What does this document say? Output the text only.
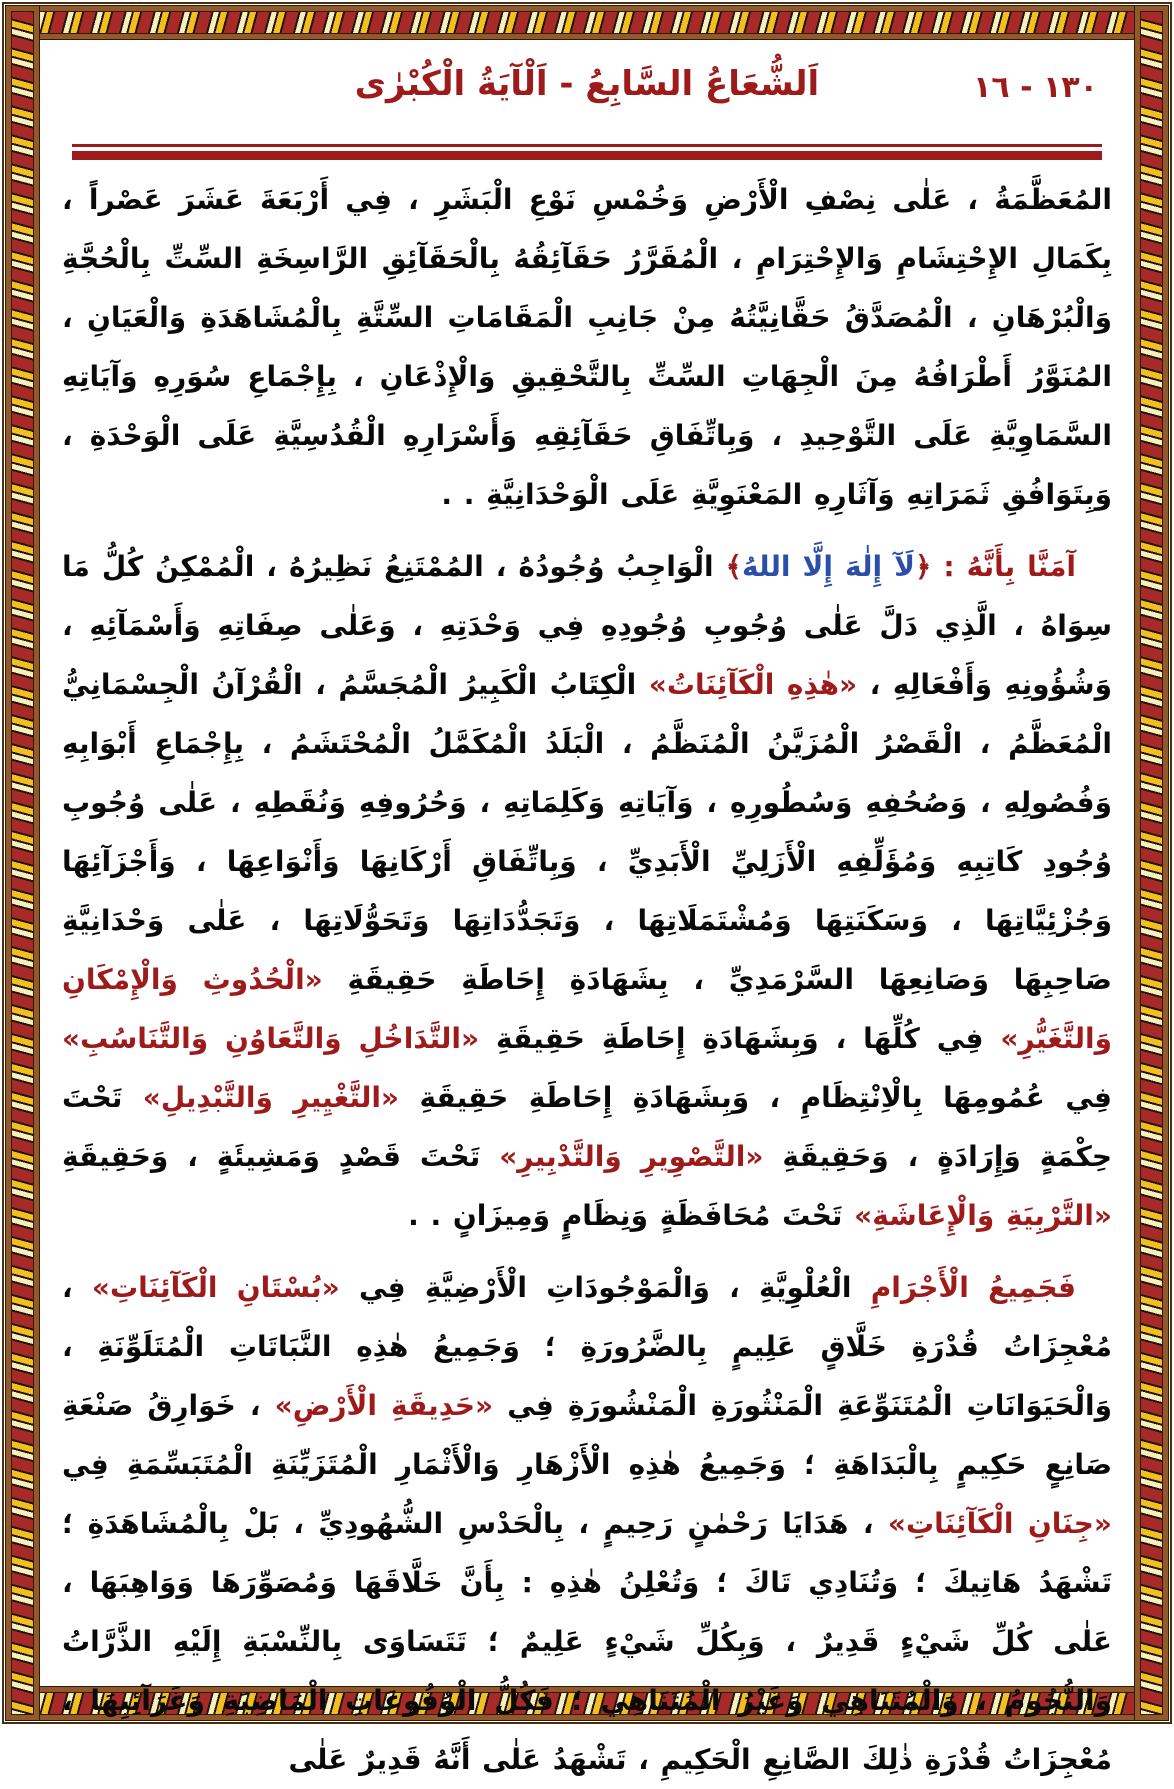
اَلشُّعَاعُ السَّابِعُ - اَلْآيَةُ الْكُبْرٰى	١٣٠ - ١٦

المُعَظَّمَةُ ، عَلٰى نِصْفِ الْأَرْضِ وَخُمْسِ نَوْعِ الْبَشَرِ ، فِي أَرْبَعَةَ عَشَرَ عَصْراً ، بِكَمَالِ الإِحْتِشَامِ وَالإِحْتِرَامِ ، الْمُقَرَّرُ حَقَآئِقُهُ بِالْحَقَآئِقِ الرَّاسِخَةِ السِّتِّ بِالْحُجَّةِ وَالْبُرْهَانِ ، الْمُصَدَّقُ حَقَّانِيَّتُهُ مِنْ جَانِبِ الْمَقَامَاتِ السِّتَّةِ بِالْمُشَاهَدَةِ وَالْعَيَانِ ، المُنَوَّرُ أَطْرَافُهُ مِنَ الْجِهَاتِ السِّتِّ بِالتَّحْقِيقِ وَالْإِذْعَانِ ، بِإِجْمَاعِ سُوَرِهِ وَآيَاتِهِ السَّمَاوِيَّةِ عَلَى التَّوْحِيدِ ، وَبِاتِّفَاقِ حَقَآئِقِهِ وَأَسْرَارِهِ الْقُدُسِيَّةِ عَلَى الْوَحْدَةِ ، وَبِتَوَافُقِ ثَمَرَاتِهِ وَآثَارِهِ المَعْنَوِيَّةِ عَلَى الْوَحْدَانِيَّةِ . .

آمَنَّا بِأَنَّهُ : ﴿لَآ إِلٰهَ إِلَّا اللهُ﴾ الْوَاجِبُ وُجُودُهُ ، المُمْتَنِعُ نَظِيرُهُ ، الْمُمْكِنُ كُلُّ مَا سِوَاهُ ، الَّذِي دَلَّ عَلٰى وُجُوبِ وُجُودِهِ فِي وَحْدَتِهِ ، وَعَلٰى صِفَاتِهِ وَأَسْمَآئِهِ ، وَشُؤُونِهِ وَأَفْعَالِهِ ، «هٰذِهِ الْكَآئِنَاتُ» الْكِتَابُ الْكَبِيرُ الْمُجَسَّمُ ، الْقُرْآنُ الْجِسْمَانِيُّ الْمُعَظَّمُ ، الْقَصْرُ الْمُزَيَّنُ الْمُنَظَّمُ ، الْبَلَدُ الْمُكَمَّلُ الْمُحْتَشَمُ ، بِإِجْمَاعِ أَبْوَابِهِ وَفُصُولِهِ ، وَصُحُفِهِ وَسُطُورِهِ ، وَآيَاتِهِ وَكَلِمَاتِهِ ، وَحُرُوفِهِ وَنُقَطِهِ ، عَلٰى وُجُوبِ وُجُودِ كَاتِبِهِ وَمُؤَلِّفِهِ الْأَزَلِيِّ الْأَبَدِيِّ ، وَبِاتِّفَاقِ أَرْكَانِهَا وَأَنْوَاعِهَا ، وَأَجْزَآئِهَا وَجُزْئِيَّاتِهَا ، وَسَكَنَتِهَا وَمُشْتَمَلَاتِهَا ، وَتَجَدُّدَاتِهَا وَتَحَوُّلَاتِهَا ، عَلٰى وَحْدَانِيَّةِ صَاحِبِهَا وَصَانِعِهَا السَّرْمَدِيِّ ، بِشَهَادَةِ إِحَاطَةِ حَقِيقَةِ «الْحُدُوثِ وَالْإِمْكَانِ وَالتَّغَيُّرِ» فِي كُلِّهَا ، وَبِشَهَادَةِ إِحَاطَةِ حَقِيقَةِ «التَّدَاخُلِ وَالتَّعَاوُنِ وَالتَّنَاسُبِ» فِي عُمُومِهَا بِالْاِنْتِظَامِ ، وَبِشَهَادَةِ إِحَاطَةِ حَقِيقَةِ «التَّغْيِيرِ وَالتَّبْدِيلِ» تَحْتَ حِكْمَةٍ وَإِرَادَةٍ ، وَحَقِيقَةِ «التَّصْوِيرِ وَالتَّدْبِيرِ» تَحْتَ قَصْدٍ وَمَشِيئَةٍ ، وَحَقِيقَةِ «التَّرْبِيَةِ وَالْإِعَاشَةِ» تَحْتَ مُحَافَظَةٍ وَنِظَامٍ وَمِيزَانٍ . .

فَجَمِيعُ الْأَجْرَامِ الْعُلْوِيَّةِ ، وَالْمَوْجُودَاتِ الْأَرْضِيَّةِ فِي «بُسْتَانِ الْكَآئِنَاتِ» ، مُعْجِزَاتُ قُدْرَةِ خَلَّاقٍ عَلِيمٍ بِالضَّرُورَةِ ؛ وَجَمِيعُ هٰذِهِ النَّبَاتَاتِ الْمُتَلَوِّنَةِ ، وَالْحَيَوَانَاتِ الْمُتَنَوِّعَةِ الْمَنْثُورَةِ الْمَنْشُورَةِ فِي «حَدِيقَةِ الْأَرْضِ» ، خَوَارِقُ صَنْعَةِ صَانِعٍ حَكِيمٍ بِالْبَدَاهَةِ ؛ وَجَمِيعُ هٰذِهِ الْأَزْهَارِ وَالْأَثْمَارِ الْمُتَزَيِّنَةِ الْمُتَبَسِّمَةِ فِي «جِنَانِ الْكَآئِنَاتِ» ، هَدَايَا رَحْمٰنٍ رَحِيمٍ ، بِالْحَدْسِ الشُّهُودِيِّ ، بَلْ بِالْمُشَاهَدَةِ ؛ تَشْهَدُ هَاتِيكَ ؛ وَتُنَادِي تَاكَ ؛ وَتُعْلِنُ هٰذِهِ : بِأَنَّ خَلَّاقَهَا وَمُصَوِّرَهَا وَوَاهِبَهَا ، عَلٰى كُلِّ شَيْءٍ قَدِيرٌ ، وَبِكُلِّ شَيْءٍ عَلِيمٌ ؛ تَتَسَاوَى بِالنِّسْبَةِ إِلَيْهِ الذَّرَّاتُ وَالنُّجُومُ ، وَالْمُتَنَاهِي وَغَيْرُ الْمُتَنَاهِي ؛ فَكُلُّ الْوُقُوعَاتِ الْمَاضِيَةِ وَغَرَآئِبِهَا ، مُعْجِزَاتُ قُدْرَةِ ذٰلِكَ الصَّانِعِ الْحَكِيمِ ، تَشْهَدُ عَلٰى أَنَّهُ قَدِيرٌ عَلٰى
